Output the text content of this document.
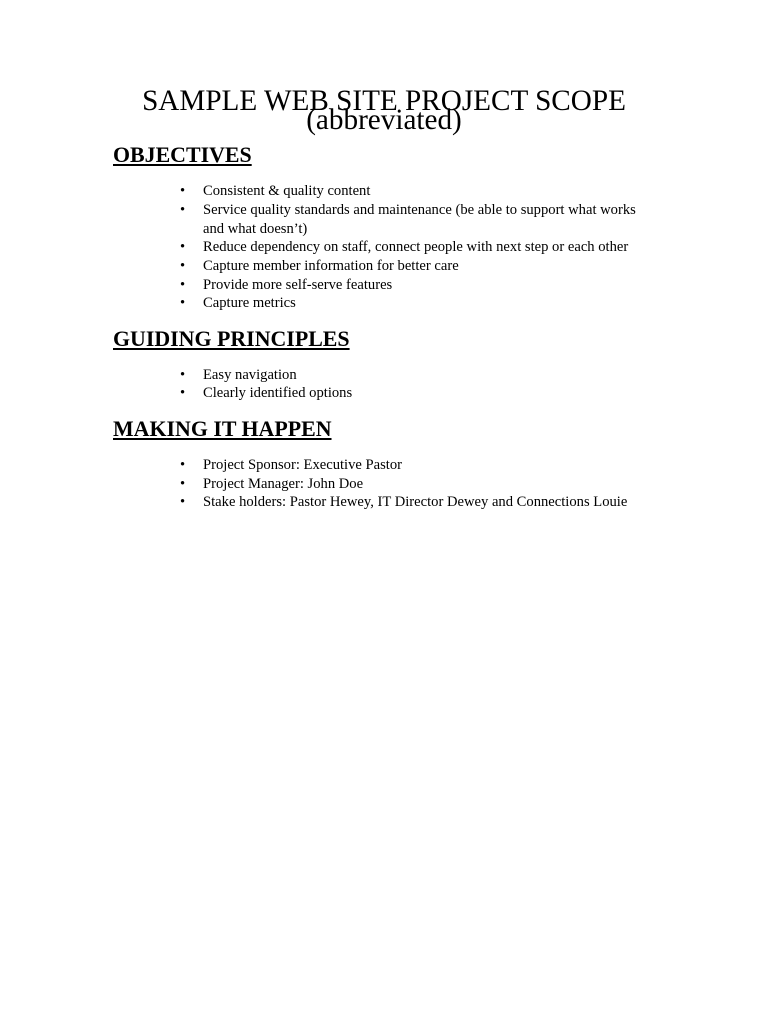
SAMPLE WEB SITE PROJECT SCOPE (abbreviated)
OBJECTIVES
• Consistent & quality content
• Service quality standards and maintenance (be able to support what works and what doesn’t)
• Reduce dependency on staff, connect people with next step or each other
• Capture member information for better care
• Provide more self-serve features
• Capture metrics
GUIDING PRINCIPLES
• Easy navigation
• Clearly identified options
MAKING IT HAPPEN
• Project Sponsor: Executive Pastor
• Project Manager: John Doe
• Stake holders: Pastor Hewey, IT Director Dewey and Connections Louie
